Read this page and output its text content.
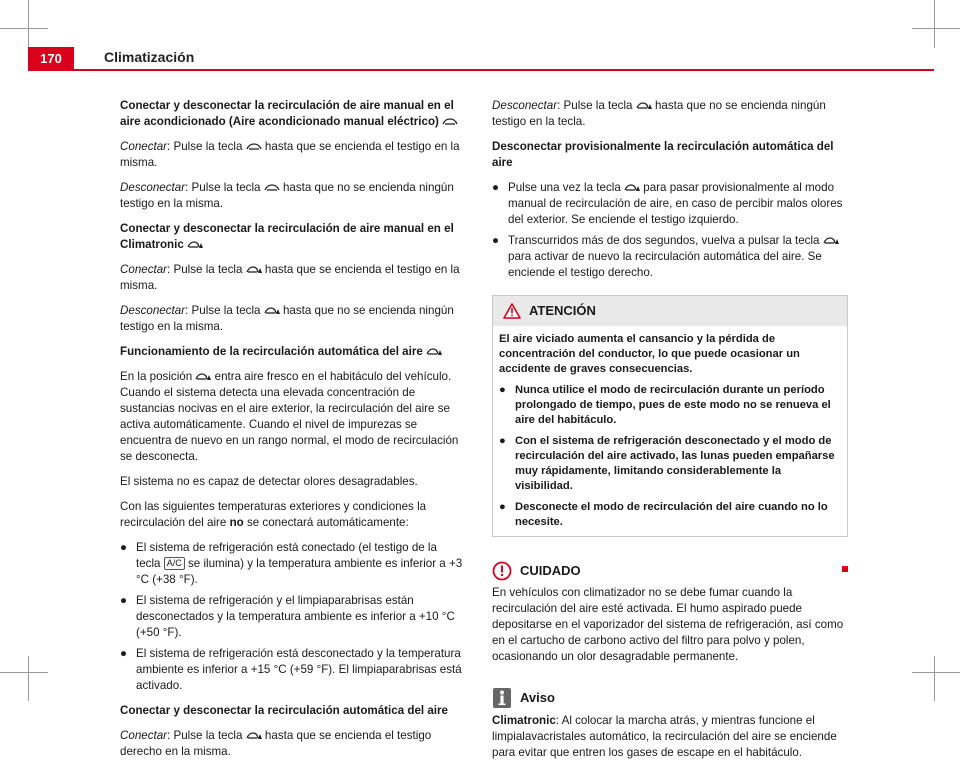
170	Climatización
Conectar y desconectar la recirculación de aire manual en el aire acondicionado (Aire acondicionado manual eléctrico)

Conectar: Pulse la tecla hasta que se encienda el testigo en la misma.

Desconectar: Pulse la tecla hasta que no se encienda ningún testigo en la misma.

Conectar y desconectar la recirculación de aire manual en el Climatronic

Conectar: Pulse la tecla hasta que se encienda el testigo en la misma.

Desconectar: Pulse la tecla hasta que no se encienda ningún testigo en la misma.

Funcionamiento de la recirculación automática del aire

En la posición entra aire fresco en el habitáculo del vehículo. Cuando el sistema detecta una elevada concentración de sustancias nocivas en el aire exterior, la recirculación del aire se activa automáticamente. Cuando el nivel de impurezas se encuentra de nuevo en un rango normal, el modo de recirculación se desconecta.

El sistema no es capaz de detectar olores desagradables.

Con las siguientes temperaturas exteriores y condiciones la recirculación del aire no se conectará automáticamente:

● El sistema de refrigeración está conectado (el testigo de la tecla A/C se ilumina) y la temperatura ambiente es inferior a +3 °C (+38 °F).
● El sistema de refrigeración y el limpiaparabrisas están desconectados y la temperatura ambiente es inferior a +10 °C (+50 °F).
● El sistema de refrigeración está desconectado y la temperatura ambiente es inferior a +15 °C (+59 °F). El limpiaparabrisas está activado.
Conectar y desconectar la recirculación automática del aire

Conectar: Pulse la tecla hasta que se encienda el testigo derecho en la misma.

Desconectar: Pulse la tecla hasta que no se encienda ningún testigo en la tecla.

Desconectar provisionalmente la recirculación automática del aire
● Pulse una vez la tecla para pasar provisionalmente al modo manual de recirculación de aire, en caso de percibir malos olores del exterior. Se enciende el testigo izquierdo.
● Transcurridos más de dos segundos, vuelva a pulsar la tecla  para activar de nuevo la recirculación automática del aire. Se enciende el testigo derecho.
ATENCIÓN

El aire viciado aumenta el cansancio y la pérdida de concentración del conductor, lo que puede ocasionar un accidente de graves consecuencias.

● Nunca utilice el modo de recirculación durante un período prolongado de tiempo, pues de este modo no se renueva el aire del habitáculo.
● Con el sistema de refrigeración desconectado y el modo de recirculación del aire activado, las lunas pueden empañarse muy rápidamente, limitando considerablemente la visibilidad.
● Desconecte el modo de recirculación del aire cuando no lo necesite.
CUIDADO

En vehículos con climatizador no se debe fumar cuando la recirculación del aire esté activada. El humo aspirado puede depositarse en el vaporizador del sistema de refrigeración, así como en el cartucho de carbono activo del filtro para polvo y polen, ocasionando un olor desagradable permanente.

Aviso

Climatronic: Al colocar la marcha atrás, y mientras funcione el limpialavacristales automático, la recirculación del aire se enciende para evitar que entren los gases de escape en el habitáculo.
